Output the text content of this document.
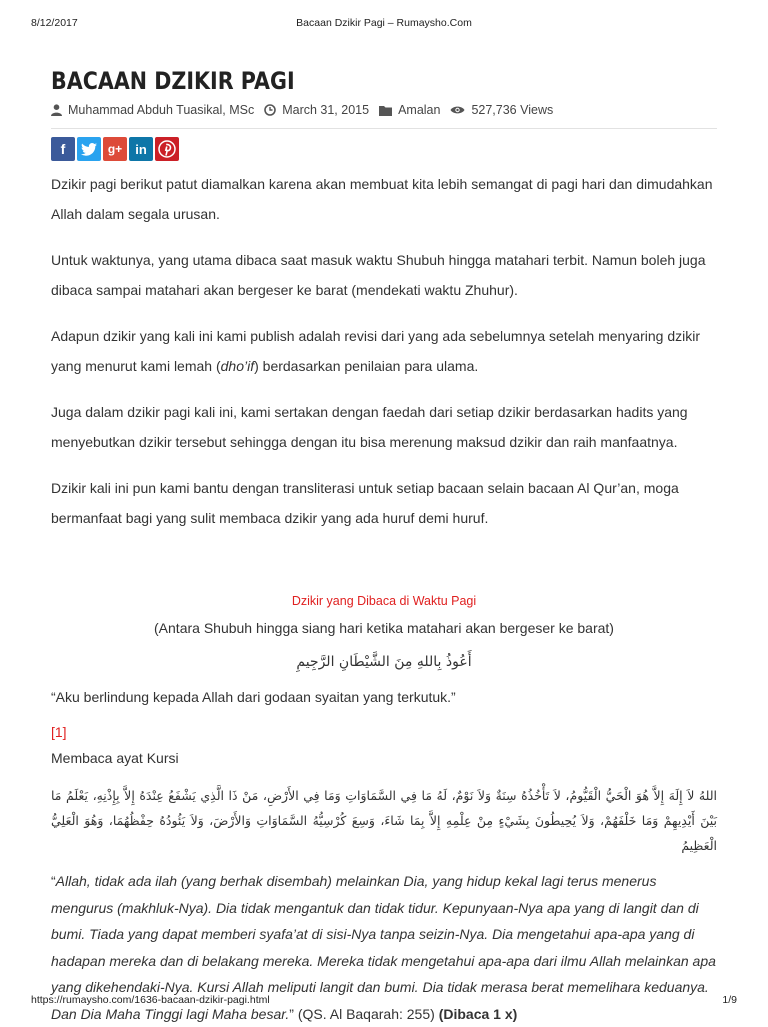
8/12/2017	Bacaan Dzikir Pagi – Rumaysho.Com
BACAAN DZIKIR PAGI
Muhammad Abduh Tuasikal, MSc March 31, 2015 Amalan 527,736 Views
f	g+	in

Dzikir pagi berikut patut diamalkan karena akan membuat kita lebih semangat di pagi hari dan dimudahkan Allah dalam segala urusan.

Untuk waktunya, yang utama dibaca saat masuk waktu Shubuh hingga matahari terbit. Namun boleh juga dibaca sampai matahari akan bergeser ke barat (mendekati waktu Zhuhur).

Adapun dzikir yang kali ini kami publish adalah revisi dari yang ada sebelumnya setelah menyaring dzikir yang menurut kami lemah (dho’if) berdasarkan penilaian para ulama.

Juga dalam dzikir pagi kali ini, kami sertakan dengan faedah dari setiap dzikir berdasarkan hadits yang menyebutkan dzikir tersebut sehingga dengan itu bisa merenung maksud dzikir dan raih manfaatnya.

Dzikir kali ini pun kami bantu dengan transliterasi untuk setiap bacaan selain bacaan Al Qur’an, moga bermanfaat bagi yang sulit membaca dzikir yang ada huruf demi huruf.

Dzikir yang Dibaca di Waktu Pagi
(Antara Shubuh hingga siang hari ketika matahari akan bergeser ke barat)
أَعُوذُ بِاللهِ مِنَ الشَّيْطَانِ الرَّجِيمِ
“Aku berlindung kepada Allah dari godaan syaitan yang terkutuk.”
[1]
Membaca ayat Kursi
اللهُ لاَ إِلَهَ إِلاَّ هُوَ الْحَيُّ الْقَيُّومُ، لاَ تَأْخُذُهُ سِنَةٌ وَلاَ نَوْمٌ، لَهُ مَا فِي السَّمَاوَاتِ وَمَا فِي الأَرْضِ، مَنْ ذَا الَّذِي يَشْفَعُ عِنْدَهُ إِلاَّ بِإِذْنِهِ، يَعْلَمُ مَا بَيْنَ أَيْدِيهِمْ وَمَا خَلْفَهُمْ، وَلاَ يُحِيطُونَ بِشَيْءٍ مِنْ عِلْمِهِ إِلاَّ بِمَا شَاءَ، وَسِعَ كُرْسِيُّهُ السَّمَاوَاتِ وَالأَرْضَ، وَلاَ يَئُودُهُ حِفْظُهُمَا، وَهُوَ الْعَلِيُّ الْعَظِيمُ
“Allah, tidak ada ilah (yang berhak disembah) melainkan Dia, yang hidup kekal lagi terus menerus mengurus (makhluk-Nya). Dia tidak mengantuk dan tidak tidur. Kepunyaan-Nya apa yang di langit dan di bumi. Tiada yang dapat memberi syafa’at di sisi-Nya tanpa seizin-Nya. Dia mengetahui apa-apa yang di hadapan mereka dan di belakang mereka. Mereka tidak mengetahui apa-apa dari ilmu Allah melainkan apa yang dikehendaki-Nya. Kursi Allah meliputi langit dan bumi. Dia tidak merasa berat memelihara keduanya. Dan Dia Maha Tinggi lagi Maha besar.” (QS. Al Baqarah: 255) (Dibaca 1 x)
https://rumaysho.com/1636-bacaan-dzikir-pagi.html	1/9
